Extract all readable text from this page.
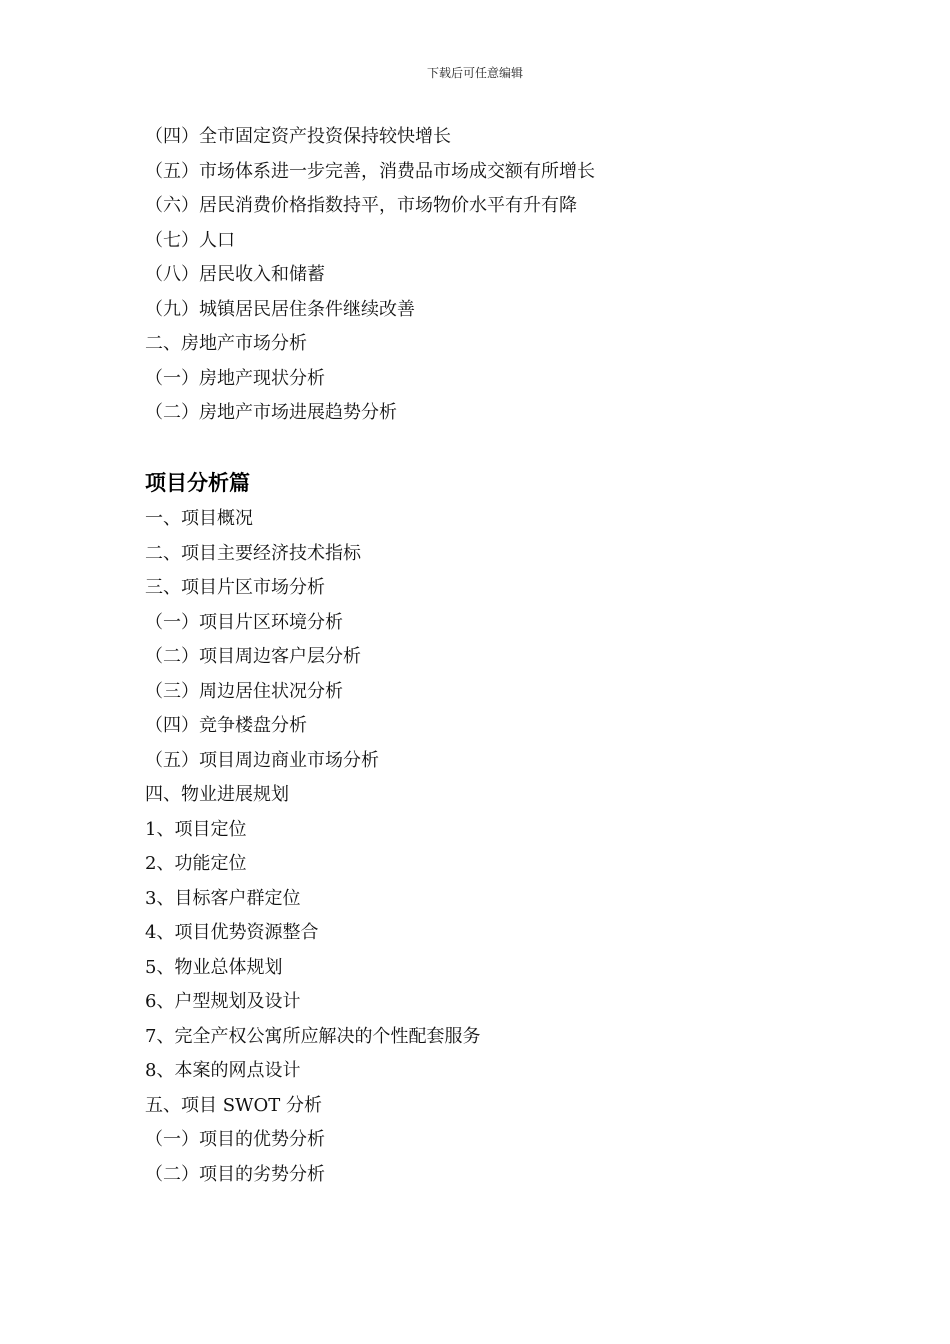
下载后可任意编辑
（四）全市固定资产投资保持较快增长
（五）市场体系进一步完善，消费品市场成交额有所增长
（六）居民消费价格指数持平，市场物价水平有升有降
（七）人口
（八）居民收入和储蓄
（九）城镇居民居住条件继续改善
二、房地产市场分析
（一）房地产现状分析
（二）房地产市场进展趋势分析
项目分析篇
一、项目概况
二、项目主要经济技术指标
三、项目片区市场分析
（一）项目片区环境分析
（二）项目周边客户层分析
（三）周边居住状况分析
（四）竞争楼盘分析
（五）项目周边商业市场分析
四、物业进展规划
1、项目定位
2、功能定位
3、目标客户群定位
4、项目优势资源整合
5、物业总体规划
6、户型规划及设计
7、完全产权公寓所应解决的个性配套服务
8、本案的网点设计
五、项目 SWOT 分析
（一）项目的优势分析
（二）项目的劣势分析
